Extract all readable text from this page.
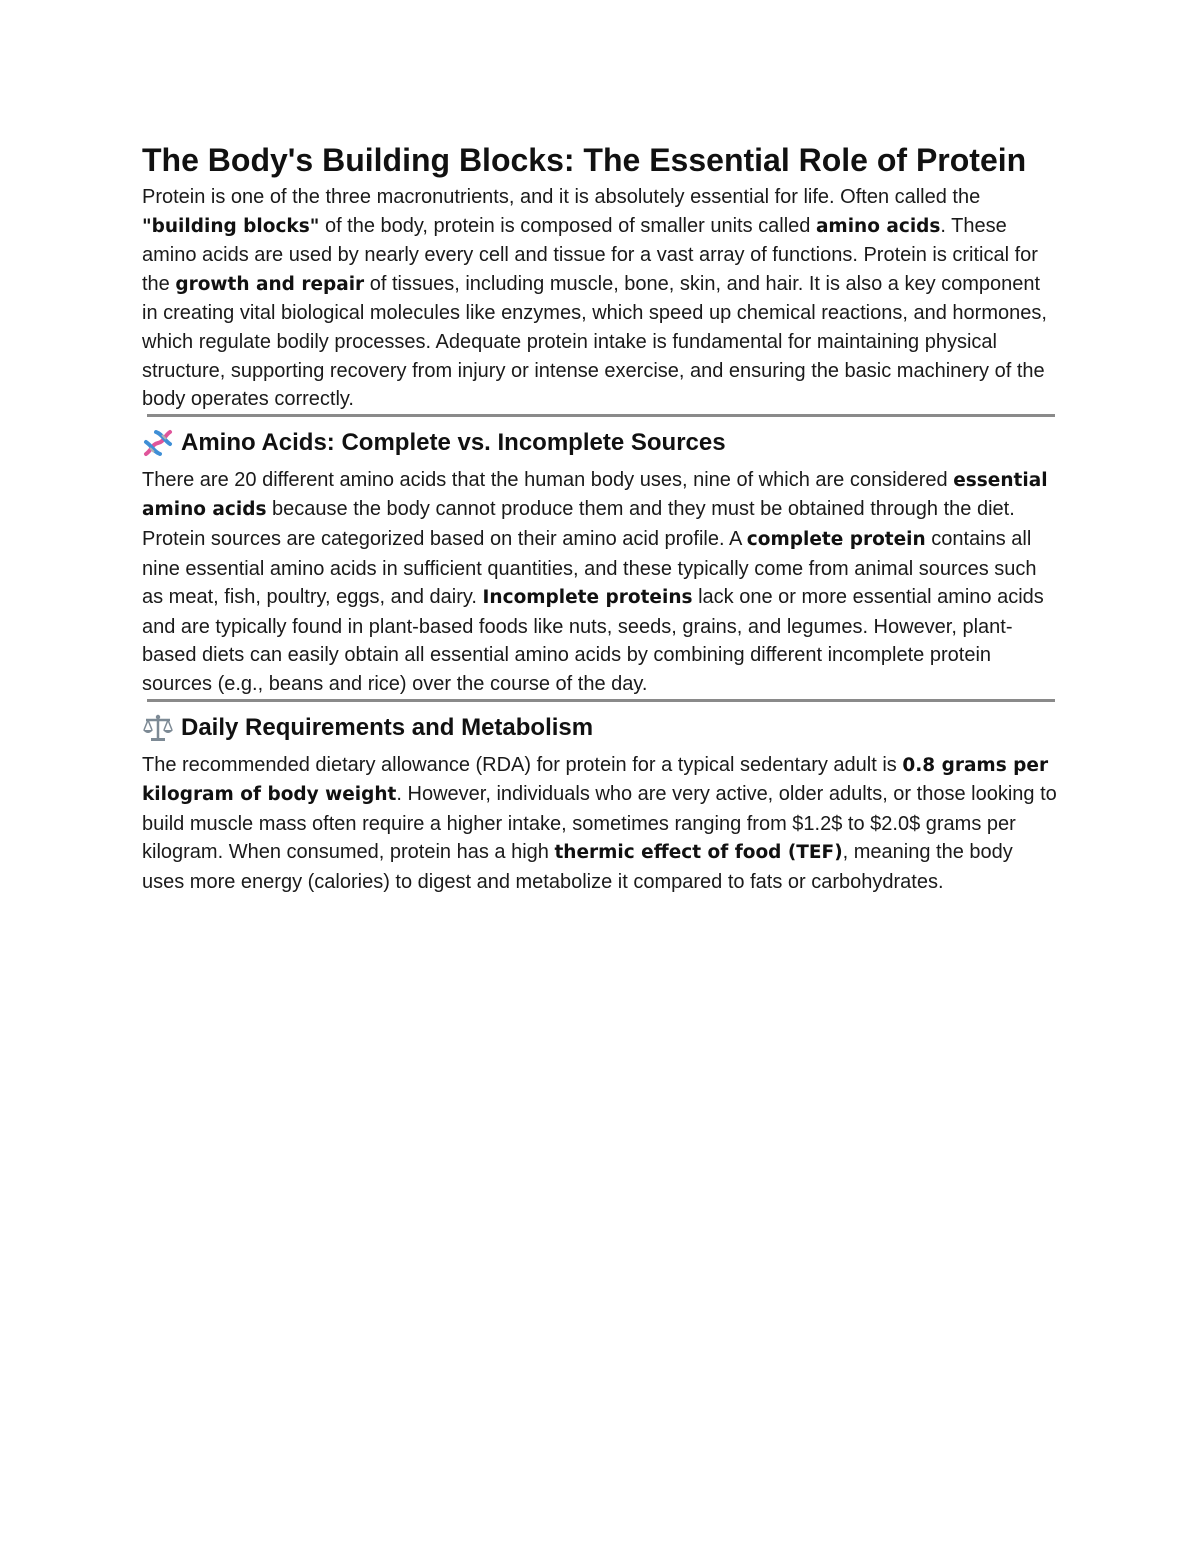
The Body's Building Blocks: The Essential Role of Protein

Protein is one of the three macronutrients, and it is absolutely essential for life. Often called the "building blocks" of the body, protein is composed of smaller units called amino acids. These amino acids are used by nearly every cell and tissue for a vast array of functions. Protein is critical for the growth and repair of tissues, including muscle, bone, skin, and hair. It is also a key component in creating vital biological molecules like enzymes, which speed up chemical reactions, and hormones, which regulate bodily processes. Adequate protein intake is fundamental for maintaining physical structure, supporting recovery from injury or intense exercise, and ensuring the basic machinery of the body operates correctly.

Amino Acids: Complete vs. Incomplete Sources

There are 20 different amino acids that the human body uses, nine of which are considered essential amino acids because the body cannot produce them and they must be obtained through the diet. Protein sources are categorized based on their amino acid profile. A complete protein contains all nine essential amino acids in sufficient quantities, and these typically come from animal sources such as meat, fish, poultry, eggs, and dairy. Incomplete proteins lack one or more essential amino acids and are typically found in plant-based foods like nuts, seeds, grains, and legumes. However, plant-based diets can easily obtain all essential amino acids by combining different incomplete protein sources (e.g., beans and rice) over the course of the day.

Daily Requirements and Metabolism

The recommended dietary allowance (RDA) for protein for a typical sedentary adult is 0.8 grams per kilogram of body weight. However, individuals who are very active, older adults, or those looking to build muscle mass often require a higher intake, sometimes ranging from $1.2$ to $2.0$ grams per kilogram. When consumed, protein has a high thermic effect of food (TEF), meaning the body uses more energy (calories) to digest and metabolize it compared to fats or carbohydrates.
